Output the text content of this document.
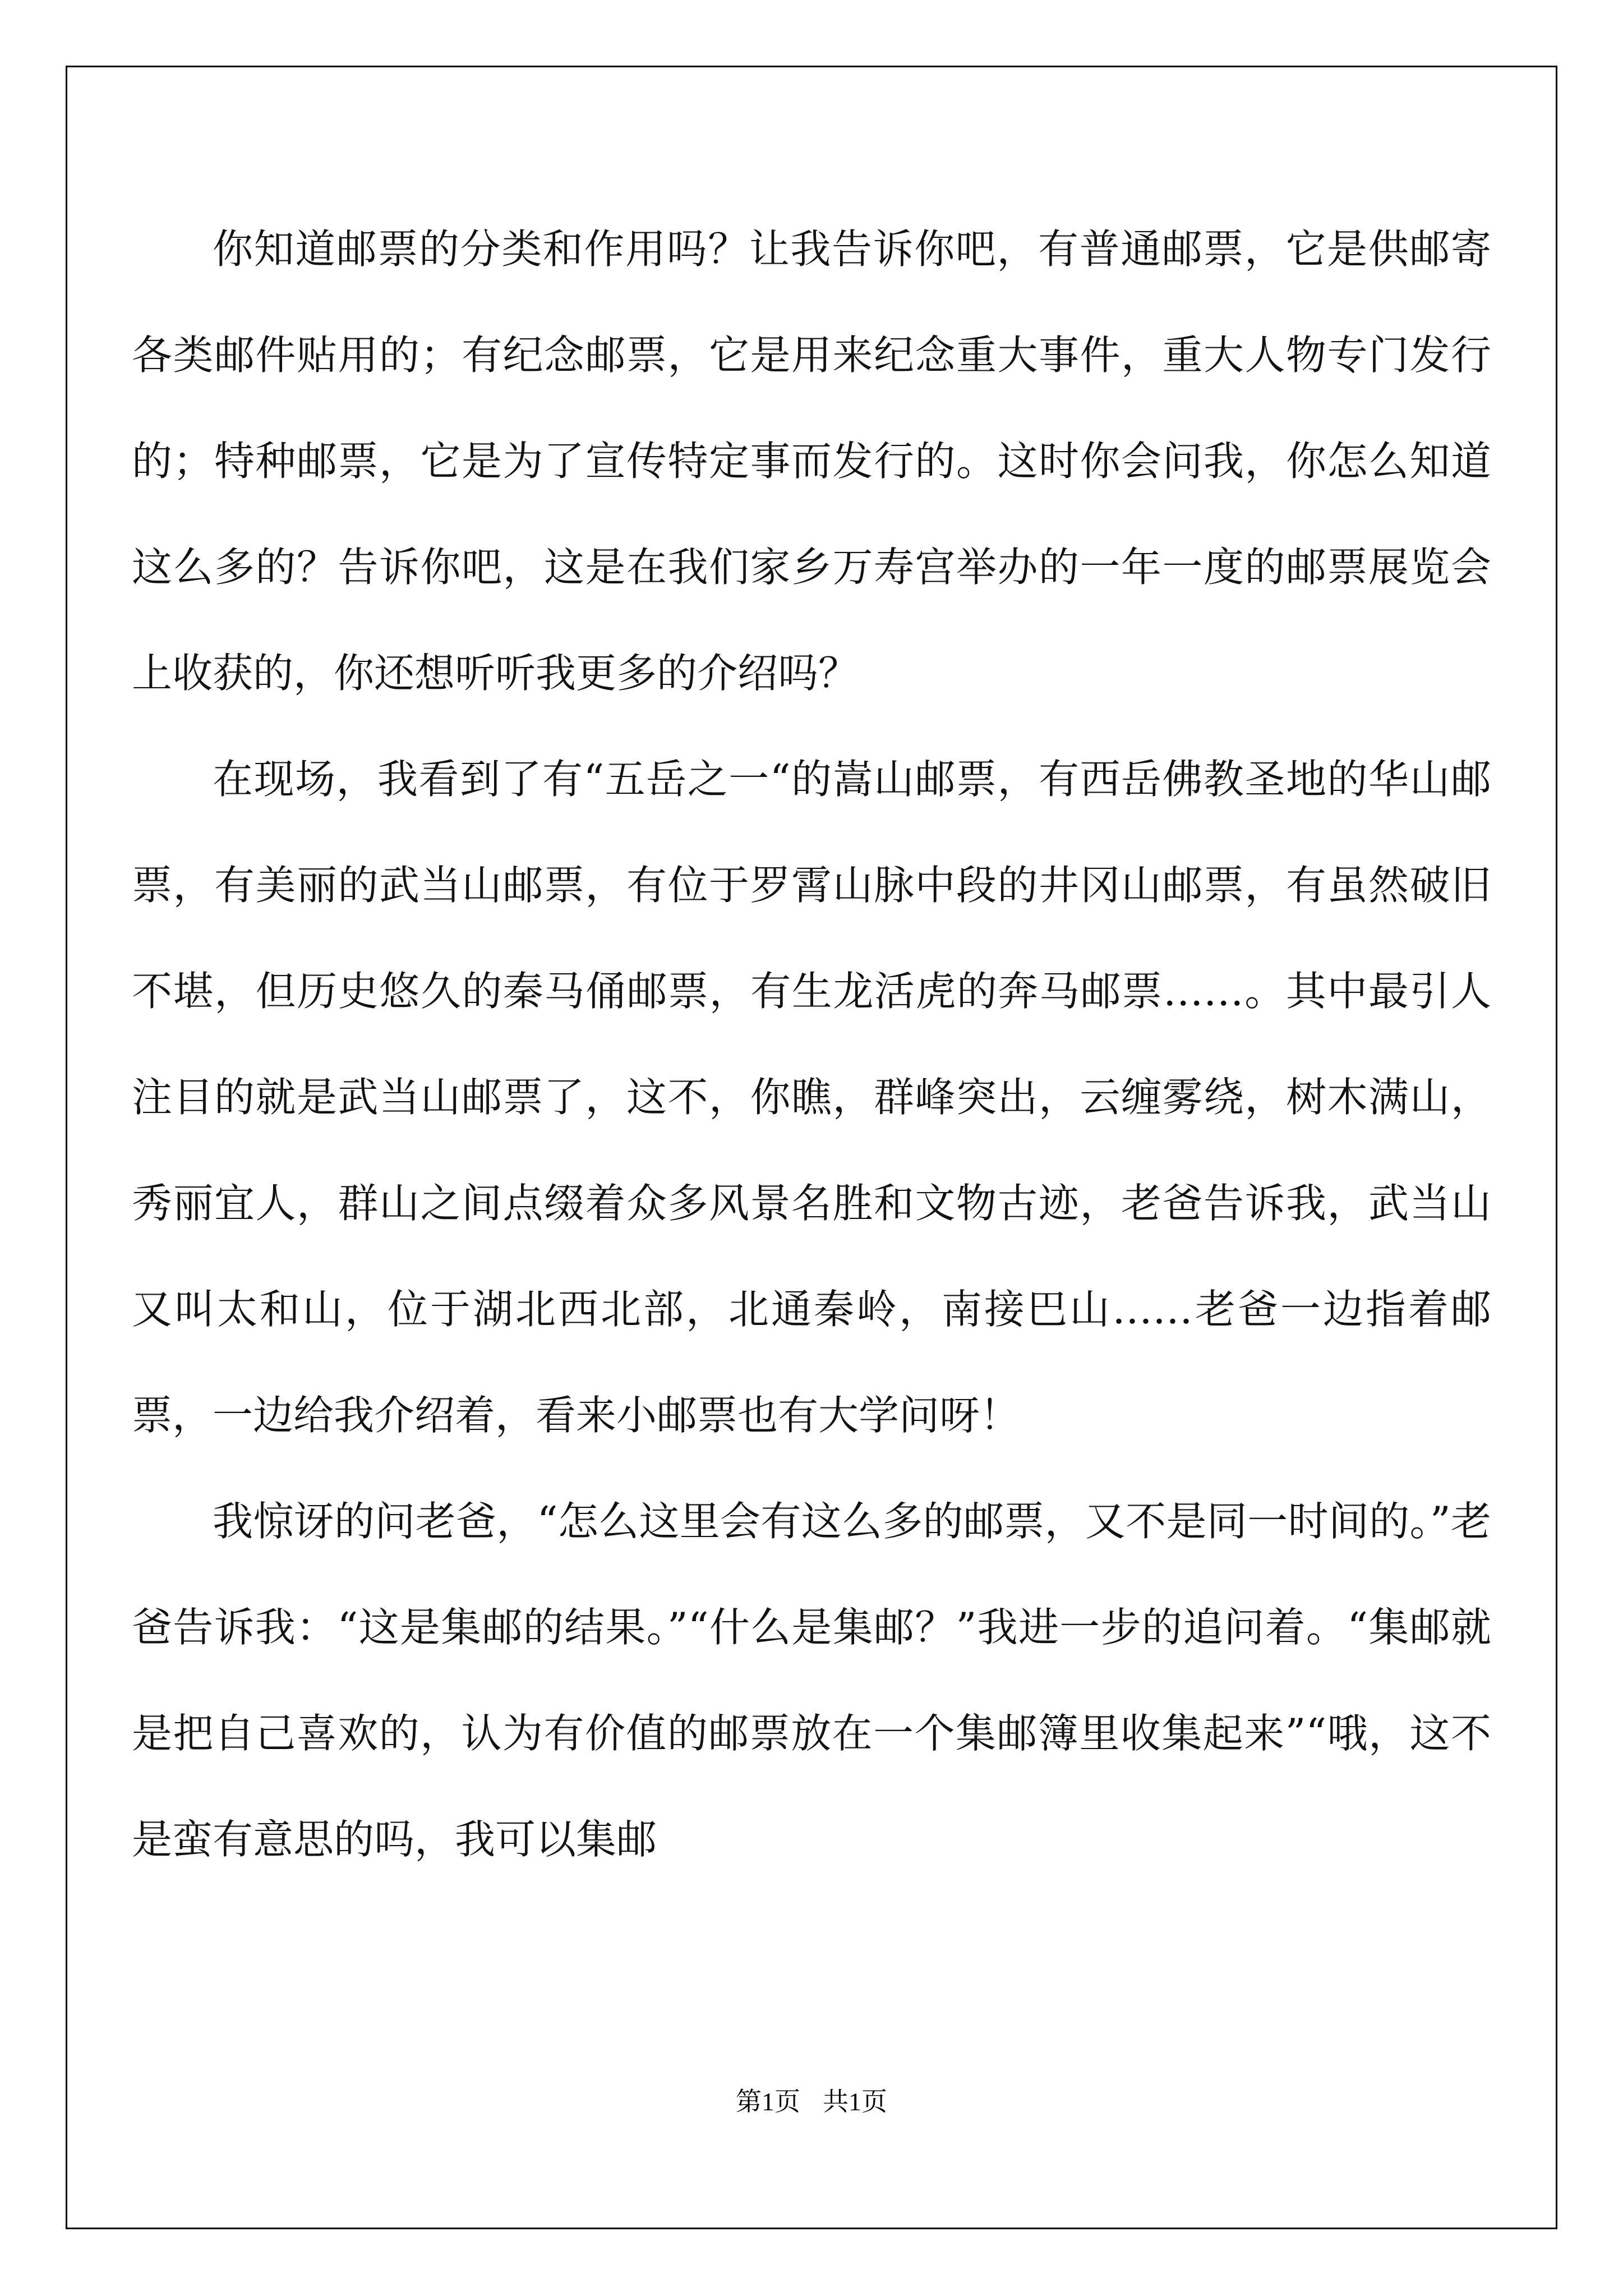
你知道邮票的分类和作用吗？让我告诉你吧，有普通邮票，它是供邮寄各类邮件贴用的；有纪念邮票，它是用来纪念重大事件，重大人物专门发行的；特种邮票，它是为了宣传特定事而发行的。这时你会问我，你怎么知道这么多的？告诉你吧，这是在我们家乡万寿宫举办的一年一度的邮票展览会上收获的，你还想听听我更多的介绍吗？

在现场，我看到了有“五岳之一“的嵩山邮票，有西岳佛教圣地的华山邮票，有美丽的武当山邮票，有位于罗霄山脉中段的井冈山邮票，有虽然破旧不堪，但历史悠久的秦马俑邮票，有生龙活虎的奔马邮票……。其中最引人注目的就是武当山邮票了，这不，你瞧，群峰突出，云缠雾绕，树木满山，秀丽宜人，群山之间点缀着众多风景名胜和文物古迹，老爸告诉我，武当山又叫太和山，位于湖北西北部，北通秦岭，南接巴山……老爸一边指着邮票，一边给我介绍着，看来小邮票也有大学问呀！

我惊讶的问老爸，“怎么这里会有这么多的邮票，又不是同一时间的。”老爸告诉我：“这是集邮的结果。”“什么是集邮？”我进一步的追问着。“集邮就是把自己喜欢的，认为有价值的邮票放在一个集邮簿里收集起来”“哦，这不是蛮有意思的吗，我可以集邮

第1页 共1页
